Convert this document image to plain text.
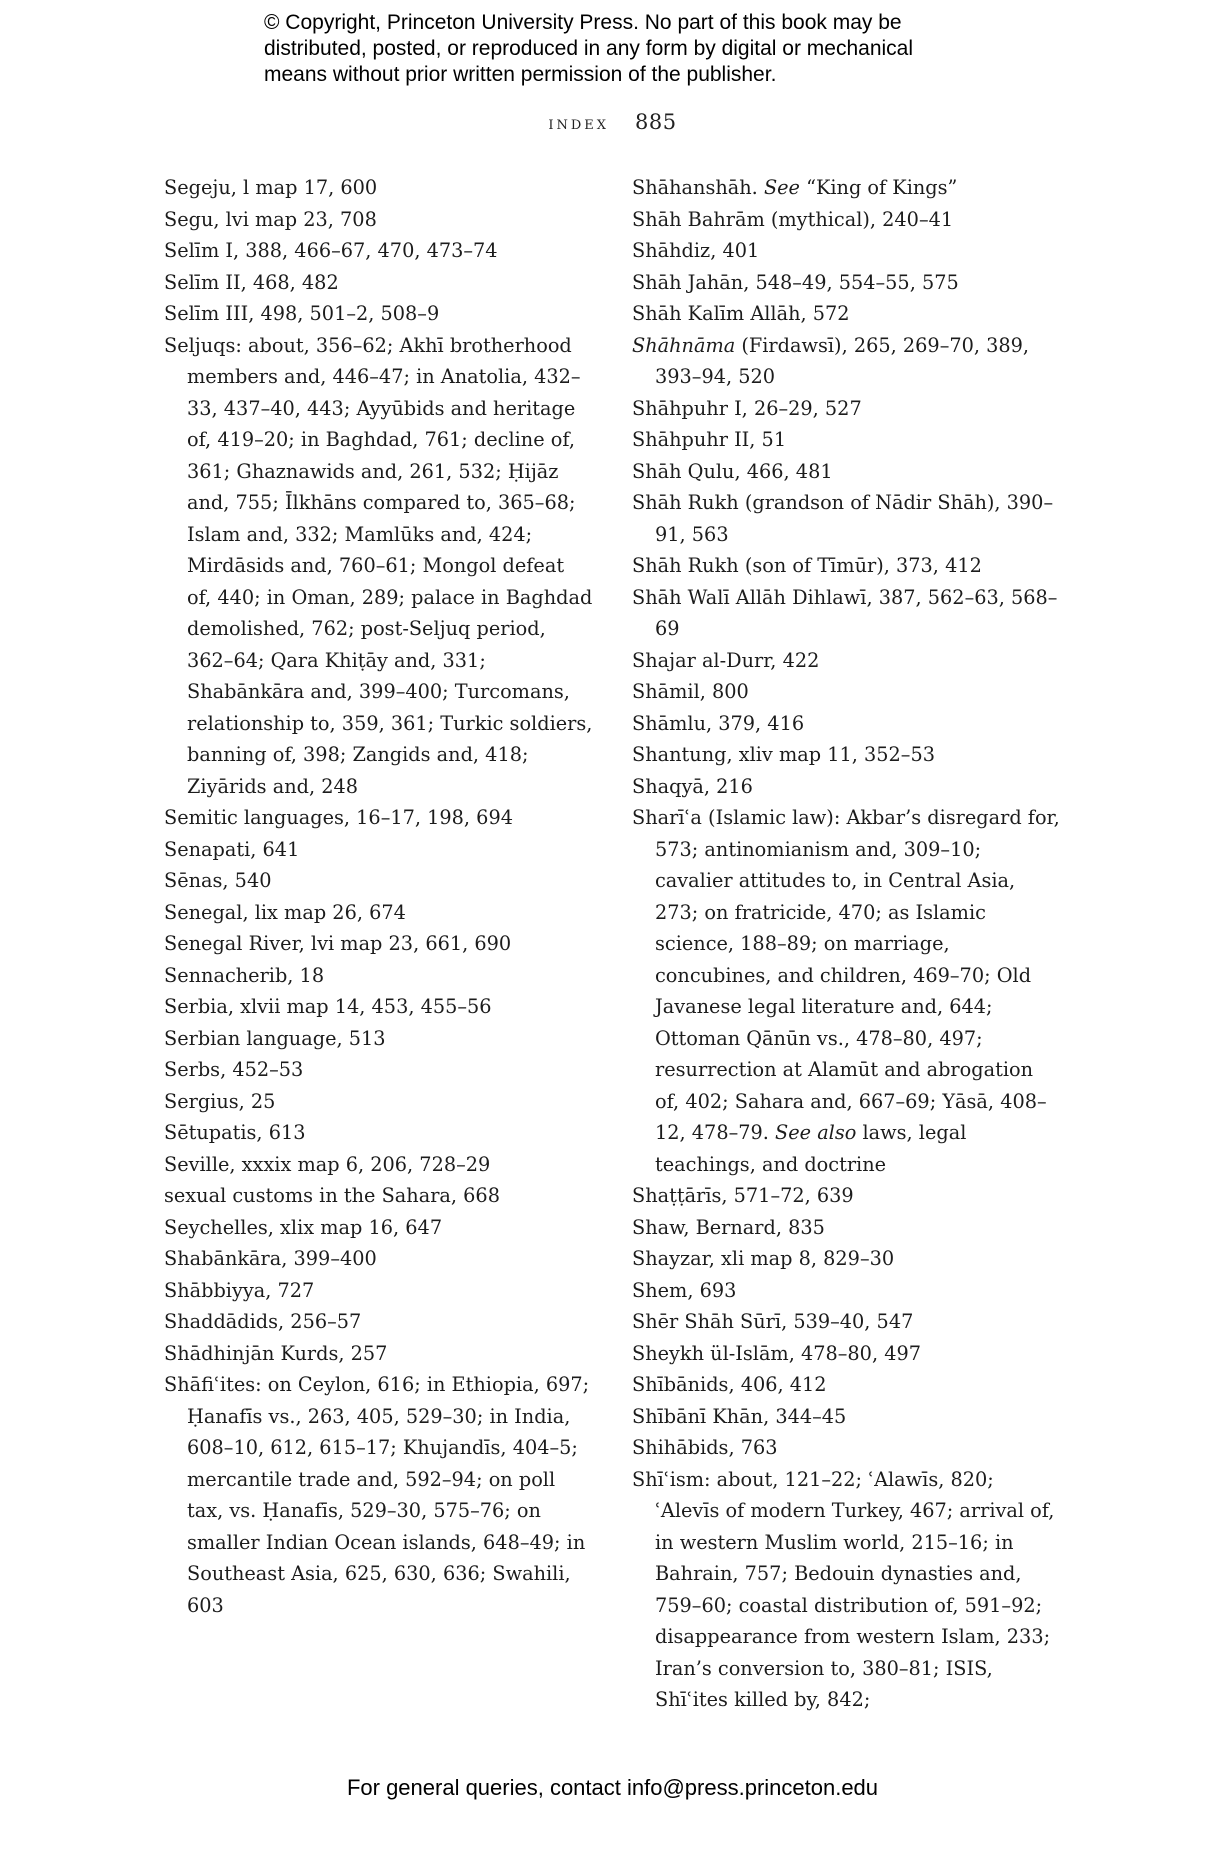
© Copyright, Princeton University Press. No part of this book may be
distributed, posted, or reproduced in any form by digital or mechanical
means without prior written permission of the publisher.
index 885

Segeju, l map 17, 600

Segu, lvi map 23, 708

Selīm I, 388, 466–67, 470, 473–74

Selīm II, 468, 482

Selīm III, 498, 501–2, 508–9

Seljuqs: about, 356–62; Akhī brotherhood members and, 446–47; in Anatolia, 432–33, 437–40, 443; Ayyūbids and heritage of, 419–20; in Baghdad, 761; decline of, 361; Ghaznawids and, 261, 532; Ḥijāz and, 755; Īlkhāns compared to, 365–68; Islam and, 332; Mamlūks and, 424; Mirdāsids and, 760–61; Mongol defeat of, 440; in Oman, 289; palace in Baghdad demolished, 762; post-Seljuq period, 362–64; Qara Khiṭāy and, 331; Shabānkāra and, 399–400; Turcomans, relationship to, 359, 361; Turkic soldiers, banning of, 398; Zangids and, 418; Ziyārids and, 248

Semitic languages, 16–17, 198, 694

Senapati, 641

Sēnas, 540

Senegal, lix map 26, 674

Senegal River, lvi map 23, 661, 690

Sennacherib, 18

Serbia, xlvii map 14, 453, 455–56

Serbian language, 513

Serbs, 452–53

Sergius, 25

Sētupatis, 613

Seville, xxxix map 6, 206, 728–29

sexual customs in the Sahara, 668

Seychelles, xlix map 16, 647

Shabānkāra, 399–400

Shābbiyya, 727

Shaddādids, 256–57

Shādhinjān Kurds, 257

Shāfiʿites: on Ceylon, 616; in Ethiopia, 697; Ḥanafīs vs., 263, 405, 529–30; in India, 608–10, 612, 615–17; Khujandīs, 404–5; mercantile trade and, 592–94; on poll tax, vs. Ḥanafīs, 529–30, 575–76; on smaller Indian Ocean islands, 648–49; in Southeast Asia, 625, 630, 636; Swahili, 603

Shāhanshāh. See “King of Kings”

Shāh Bahrām (mythical), 240–41

Shāhdiz, 401

Shāh Jahān, 548–49, 554–55, 575

Shāh Kalīm Allāh, 572

Shāhnāma (Firdawsī), 265, 269–70, 389, 393–94, 520

Shāhpuhr I, 26–29, 527

Shāhpuhr II, 51

Shāh Qulu, 466, 481

Shāh Rukh (grandson of Nādir Shāh), 390–91, 563

Shāh Rukh (son of Tīmūr), 373, 412

Shāh Walī Allāh Dihlawī, 387, 562–63, 568–69

Shajar al-Durr, 422

Shāmil, 800

Shāmlu, 379, 416

Shantung, xliv map 11, 352–53

Shaqyā, 216

Sharīʿa (Islamic law): Akbar’s disregard for, 573; antinomianism and, 309–10; cavalier attitudes to, in Central Asia, 273; on fratricide, 470; as Islamic science, 188–89; on marriage, concubines, and children, 469–70; Old Javanese legal literature and, 644; Ottoman Qānūn vs., 478–80, 497; resurrection at Alamūt and abrogation of, 402; Sahara and, 667–69; Yāsā, 408–12, 478–79. See also laws, legal teachings, and doctrine

Shaṭṭārīs, 571–72, 639

Shaw, Bernard, 835

Shayzar, xli map 8, 829–30

Shem, 693

Shēr Shāh Sūrī, 539–40, 547

Sheykh ül-Islām, 478–80, 497

Shībānids, 406, 412

Shībānī Khān, 344–45

Shihābids, 763

Shīʿism: about, 121–22; ʿAlawīs, 820; ʿAlevīs of modern Turkey, 467; arrival of, in western Muslim world, 215–16; in Bahrain, 757; Bedouin dynasties and, 759–60; coastal distribution of, 591–92; disappearance from western Islam, 233; Iran’s conversion to, 380–81; ISIS, Shīʿites killed by, 842;

For general queries, contact info@press.princeton.edu
